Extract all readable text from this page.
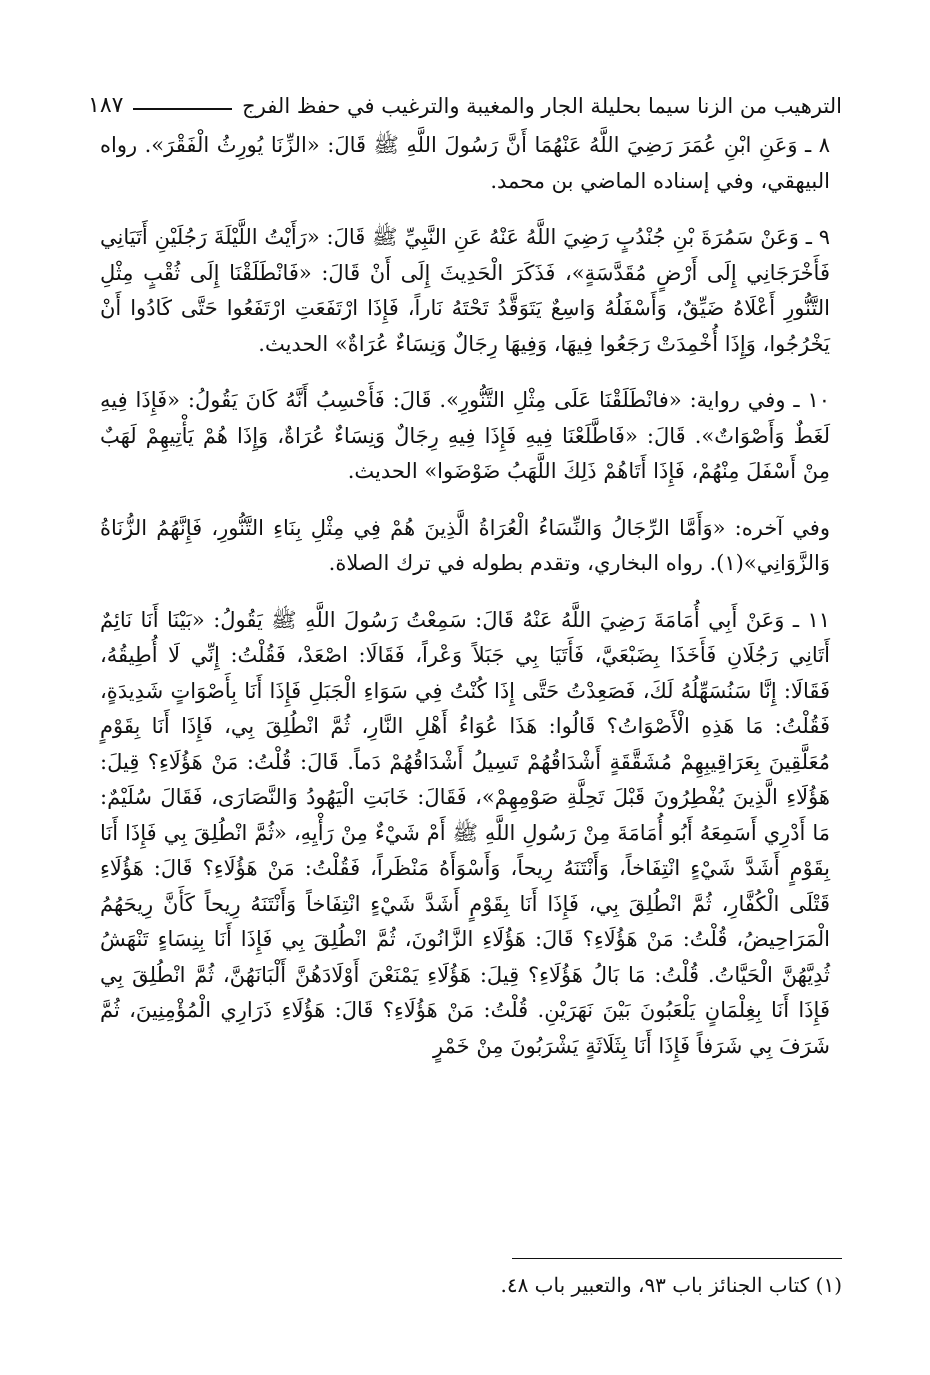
الترهيب من الزنا سيما بحليلة الجار والمغيبة والترغيب في حفظ الفرج
١٨٧

٨ ـ وَعَنِ ابْنِ عُمَرَ رَضِيَ اللَّهُ عَنْهُمَا أَنَّ رَسُولَ اللَّهِ ﷺ قَالَ: «الزِّنَا يُورِثُ الْفَقْرَ». رواه البيهقي، وفي إسناده الماضي بن محمد.

٩ ـ وَعَنْ سَمُرَةَ بْنِ جُنْدُبٍ رَضِيَ اللَّهُ عَنْهُ عَنِ النَّبِيِّ ﷺ قَالَ: «رَأَيْتُ اللَّيْلَةَ رَجُلَيْنِ أَتَيَانِي فَأَخْرَجَانِي إِلَى أَرْضٍ مُقَدَّسَةٍ»، فَذَكَرَ الْحَدِيثَ إِلَى أَنْ قَالَ: «فَانْطَلَقْنَا إِلَى ثُقْبٍ مِثْلِ التَّنُّورِ أَعْلَاهُ ضَيِّقٌ، وَأَسْفَلُهُ وَاسِعٌ يَتَوَقَّدُ تَحْتَهُ نَاراً، فَإِذَا ارْتَفَعَتِ ارْتَفَعُوا حَتَّى كَادُوا أَنْ يَخْرُجُوا، وَإِذَا أُخْمِدَتْ رَجَعُوا فِيهَا، وَفِيهَا رِجَالٌ وَنِسَاءٌ عُرَاةٌ» الحديث.

١٠ ـ وفي رواية: «فانْطَلَقْنَا عَلَى مِثْلِ التَّنُّورِ». قَالَ: فَأَحْسِبُ أَنَّهُ كَانَ يَقُولُ: «فَإِذَا فِيهِ لَغَطٌ وَأَصْوَاتٌ». قَالَ: «فَاطَّلَعْنَا فِيهِ فَإِذَا فِيهِ رِجَالٌ وَنِسَاءٌ عُرَاةٌ، وَإِذَا هُمْ يَأْتِيهِمْ لَهَبٌ مِنْ أَسْفَلَ مِنْهُمْ، فَإِذَا أَتَاهُمْ ذَلِكَ اللَّهَبُ ضَوْضَوا» الحديث.

وفي آخره: «وَأَمَّا الرِّجَالُ وَالنِّسَاءُ الْعُرَاةُ الَّذِينَ هُمْ فِي مِثْلِ بِنَاءِ التَّنُّورِ، فَإِنَّهُمُ الزُّنَاةُ وَالزَّوَانِي»(١). رواه البخاري، وتقدم بطوله في ترك الصلاة.

١١ ـ وَعَنْ أَبِي أُمَامَةَ رَضِيَ اللَّهُ عَنْهُ قَالَ: سَمِعْتُ رَسُولَ اللَّهِ ﷺ يَقُولُ: «بَيْنَا أَنَا نَائِمٌ أَتَانِي رَجُلَانِ فَأَخَذَا بِضَبْعَيَّ، فَأَتَيَا بِي جَبَلاً وَعْراً، فَقَالَا: اصْعَدْ، فَقُلْتُ: إِنِّي لَا أُطِيقُهُ، فَقَالَا: إِنَّا سَنُسَهِّلُهُ لَكَ، فَصَعِدْتُ حَتَّى إِذَا كُنْتُ فِي سَوَاءِ الْجَبَلِ فَإِذَا أَنَا بِأَصْوَاتٍ شَدِيدَةٍ، فَقُلْتُ: مَا هَذِهِ الْأَصْوَاتُ؟ قَالُوا: هَذَا عُوَاءُ أَهْلِ النَّارِ، ثُمَّ انْطُلِقَ بِي، فَإِذَا أَنَا بِقَوْمٍ مُعَلَّقِينَ بِعَرَاقِيبِهِمْ مُشَقَّقَةٍ أَشْدَاقُهُمْ تَسِيلُ أَشْدَاقُهُمْ دَماً. قَالَ: قُلْتُ: مَنْ هَؤُلَاءِ؟ قِيلَ: هَؤُلَاءِ الَّذِينَ يُفْطِرُونَ قَبْلَ تَحِلَّةِ صَوْمِهِمْ»، فَقَالَ: خَابَتِ الْيَهُودُ وَالنَّصَارَى، فَقَالَ سُلَيْمٌ: مَا أَدْرِي أَسَمِعَهُ أَبُو أُمَامَةَ مِنْ رَسُولِ اللَّهِ ﷺ أَمْ شَيْءٌ مِنْ رَأْيِهِ، «ثُمَّ انْطُلِقَ بِي فَإِذَا أَنَا بِقَوْمٍ أَشَدَّ شَيْءٍ انْتِفَاخاً، وَأَنْتَنَهُ رِيحاً، وَأَسْوَأَهُ مَنْظَراً، فَقُلْتُ: مَنْ هَؤُلَاءِ؟ قَالَ: هَؤُلَاءِ قَتْلَى الْكُفَّارِ، ثُمَّ انْطُلِقَ بِي، فَإِذَا أَنَا بِقَوْمٍ أَشَدَّ شَيْءٍ انْتِفَاخاً وَأَنْتَنَهُ رِيحاً كَأَنَّ رِيحَهُمُ الْمَرَاحِيضُ، قُلْتُ: مَنْ هَؤُلَاءِ؟ قَالَ: هَؤُلَاءِ الزَّانُونَ، ثُمَّ انْطُلِقَ بِي فَإِذَا أَنَا بِنِسَاءٍ تَنْهَشُ ثُدِيَّهُنَّ الْحَيَّاتُ. قُلْتُ: مَا بَالُ هَؤُلَاءِ؟ قِيلَ: هَؤُلَاءِ يَمْنَعْنَ أَوْلَادَهُنَّ أَلْبَانَهُنَّ، ثُمَّ انْطُلِقَ بِي فَإِذَا أَنَا بِغِلْمَانٍ يَلْعَبُونَ بَيْنَ نَهَرَيْنِ. قُلْتُ: مَنْ هَؤُلَاءِ؟ قَالَ: هَؤُلَاءِ ذَرَارِي الْمُؤْمِنِينَ، ثُمَّ شَرَفَ بِي شَرَفاً فَإِذَا أَنَا بِثَلَاثَةٍ يَشْرَبُونَ مِنْ خَمْرٍ

(١) كتاب الجنائز باب ٩٣، والتعبير باب ٤٨.
